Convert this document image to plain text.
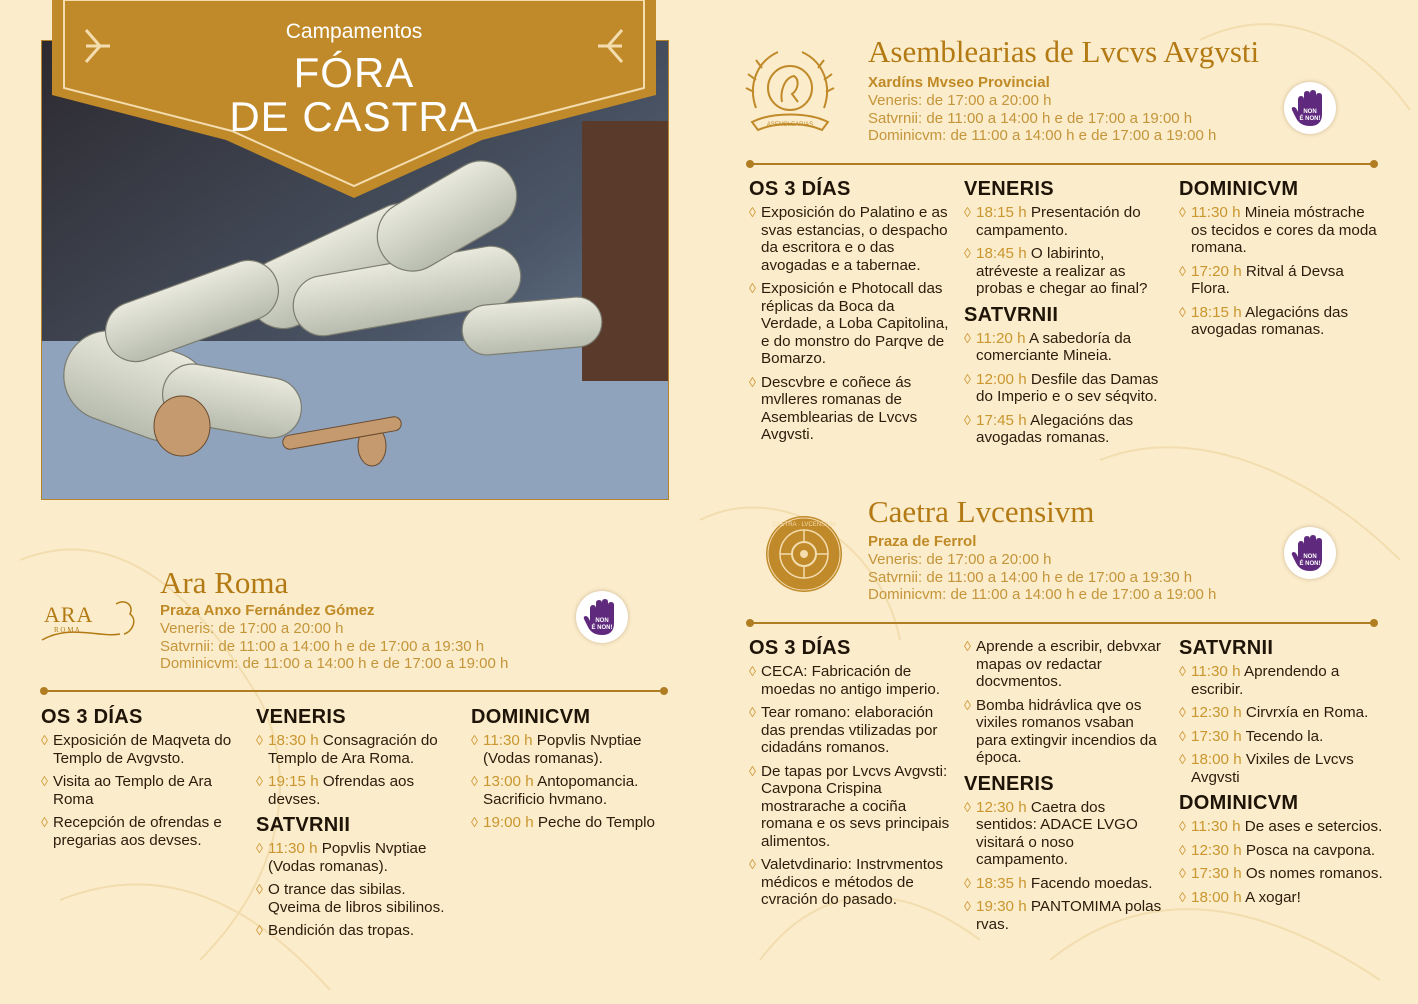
Campamentos
FÓRA
DE CASTRA	ASEMBLEARIAS
Asemblearias de Lvcvs Avgvsti
Xardíns Mvseo Provincial
Veneris: de 17:00 a 20:00 h
Satvrnii: de 11:00 a 14:00 h e de 17:00 a 19:00 h
Dominicvm: de 11:00 a 14:00 h e de 17:00 a 19:00 h
NON
É NON!
OS 3 DÍAS
◊ Exposición do Palatino e as svas estancias, o despacho da escritora e o das avogadas e a tabernae.
◊ Exposición e Photocall das réplicas da Boca da Verdade, a Loba Capitolina, e do monstro do Parqve de Bomarzo.
◊ Descvbre e coñece ás mvlleres romanas de Asemblearias de Lvcvs Avgvsti.
VENERIS
◊ 18:15 h Presentación do campamento.
◊ 18:45 h O labirinto, atréveste a realizar as probas e chegar ao final?
SATVRNII
◊ 11:20 h A sabedoría da comerciante Mineia.
◊ 12:00 h Desfile das Damas do Imperio e o sev séqvito.
◊ 17:45 h Alegacións das avogadas romanas.
DOMINICVM
◊ 11:30 h Mineia móstrache os tecidos e cores da moda romana.
◊ 17:20 h Ritval á Devsa Flora.
◊ 18:15 h Alegacións das avogadas romanas.
CAETRA · LVCENSIVM Caetra Lvcensivm
Praza de Ferrol
Veneris: de 17:00 a 20:00 h
Satvrnii: de 11:00 a 14:00 h e de 17:00 a 19:30 h
Dominicvm: de 11:00 a 14:00 h e de 17:00 a 19:00 h
NON
É NON!
OS 3 DÍAS
◊ CECA: Fabricación de moedas no antigo imperio.
◊ Tear romano: elaboración das prendas vtilizadas por cidadáns romanos.
◊ De tapas por Lvcvs Avgvsti: Cavpona Crispina mostrarache a cociña romana e os sevs principais alimentos.
◊ Valetvdinario: Instrvmentos médicos e métodos de cvración do pasado.
◊ Aprende a escribir, debvxar mapas ov redactar docvmentos.
◊ Bomba hidrávlica qve os vixiles romanos vsaban para extingvir incendios da época.
VENERIS
◊ 12:30 h Caetra dos sentidos: ADACE LVGO visitará o noso campamento.
◊ 18:35 h Facendo moedas.
◊ 19:30 h PANTOMIMA polas rvas.
SATVRNII
◊ 11:30 h Aprendendo a escribir.
◊ 12:30 h Cirvrxía en Roma.
◊ 17:30 h Tecendo la.
◊ 18:00 h Vixiles de Lvcvs Avgvsti
DOMINICVM
◊ 11:30 h De ases e setercios.
◊ 12:30 h Posca na cavpona.
◊ 17:30 h Os nomes romanos.
◊ 18:00 h A xogar!
ARA
R O M A
Ara Roma
Praza Anxo Fernández Gómez
Veneris: de 17:00 a 20:00 h
Satvrnii: de 11:00 a 14:00 h e de 17:00 a 19:30 h
Dominicvm: de 11:00 a 14:00 h e de 17:00 a 19:00 h
NON
É NON!
OS 3 DÍAS
◊ Exposición de Maqveta do Templo de Avgvsto.
◊ Visita ao Templo de Ara Roma
◊ Recepción de ofrendas e pregarias aos devses.
VENERIS
◊ 18:30 h Consagración do Templo de Ara Roma.
◊ 19:15 h Ofrendas aos devses.
SATVRNII
◊ 11:30 h Popvlis Nvptiae (Vodas romanas).
◊ O trance das sibilas. Qveima de libros sibilinos.
◊ Bendición das tropas.
DOMINICVM
◊ 11:30 h Popvlis Nvptiae (Vodas romanas).
◊ 13:00 h Antopomancia. Sacrificio hvmano.
◊ 19:00 h Peche do Templo
